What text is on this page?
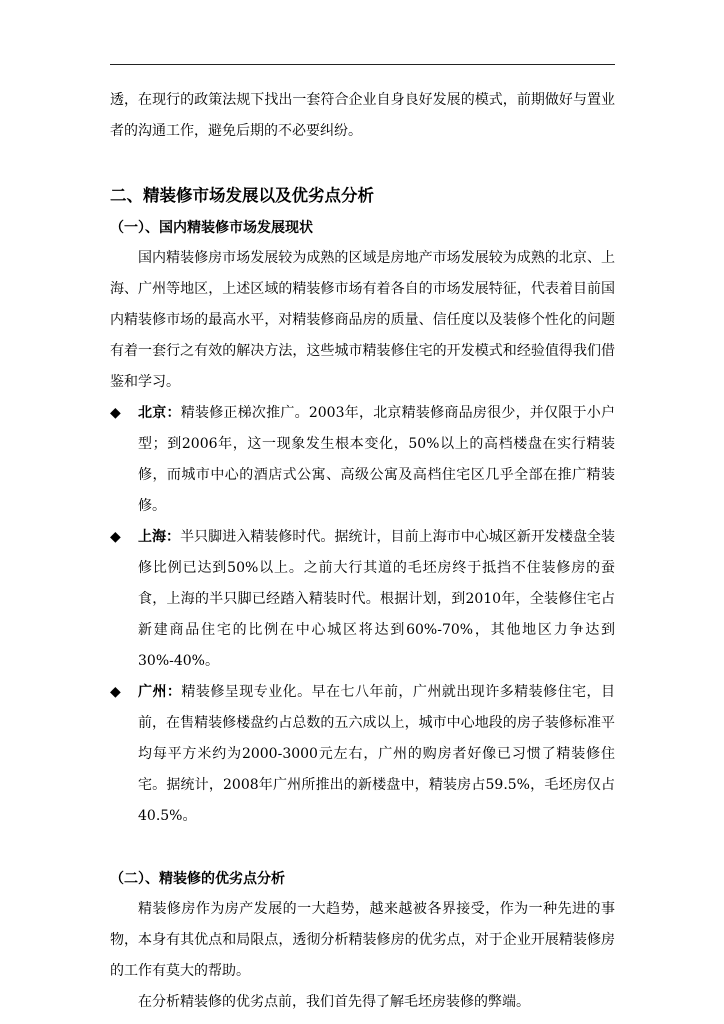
透，在现行的政策法规下找出一套符合企业自身良好发展的模式，前期做好与置业者的沟通工作，避免后期的不必要纠纷。

二、精装修市场发展以及优劣点分析

（一）、国内精装修市场发展现状

国内精装修房市场发展较为成熟的区域是房地产市场发展较为成熟的北京、上海、广州等地区，上述区域的精装修市场有着各自的市场发展特征，代表着目前国内精装修市场的最高水平，对精装修商品房的质量、信任度以及装修个性化的问题有着一套行之有效的解决方法，这些城市精装修住宅的开发模式和经验值得我们借鉴和学习。

◆ 北京：精装修正梯次推广。2003年，北京精装修商品房很少，并仅限于小户型；到2006年，这一现象发生根本变化，50%以上的高档楼盘在实行精装修，而城市中心的酒店式公寓、高级公寓及高档住宅区几乎全部在推广精装修。
◆ 上海：半只脚进入精装修时代。据统计，目前上海市中心城区新开发楼盘全装修比例已达到50%以上。之前大行其道的毛坯房终于抵挡不住装修房的蚕食，上海的半只脚已经踏入精装时代。根据计划，到2010年，全装修住宅占新建商品住宅的比例在中心城区将达到60%-70%，其他地区力争达到30%-40%。
◆ 广州：精装修呈现专业化。早在七八年前，广州就出现许多精装修住宅，目前，在售精装修楼盘约占总数的五六成以上，城市中心地段的房子装修标准平均每平方米约为2000-3000元左右，广州的购房者好像已习惯了精装修住宅。据统计，2008年广州所推出的新楼盘中，精装房占59.5%，毛坯房仅占40.5%。

（二）、精装修的优劣点分析

精装修房作为房产发展的一大趋势，越来越被各界接受，作为一种先进的事物，本身有其优点和局限点，透彻分析精装修房的优劣点，对于企业开展精装修房的工作有莫大的帮助。

在分析精装修的优劣点前，我们首先得了解毛坯房装修的弊端。
